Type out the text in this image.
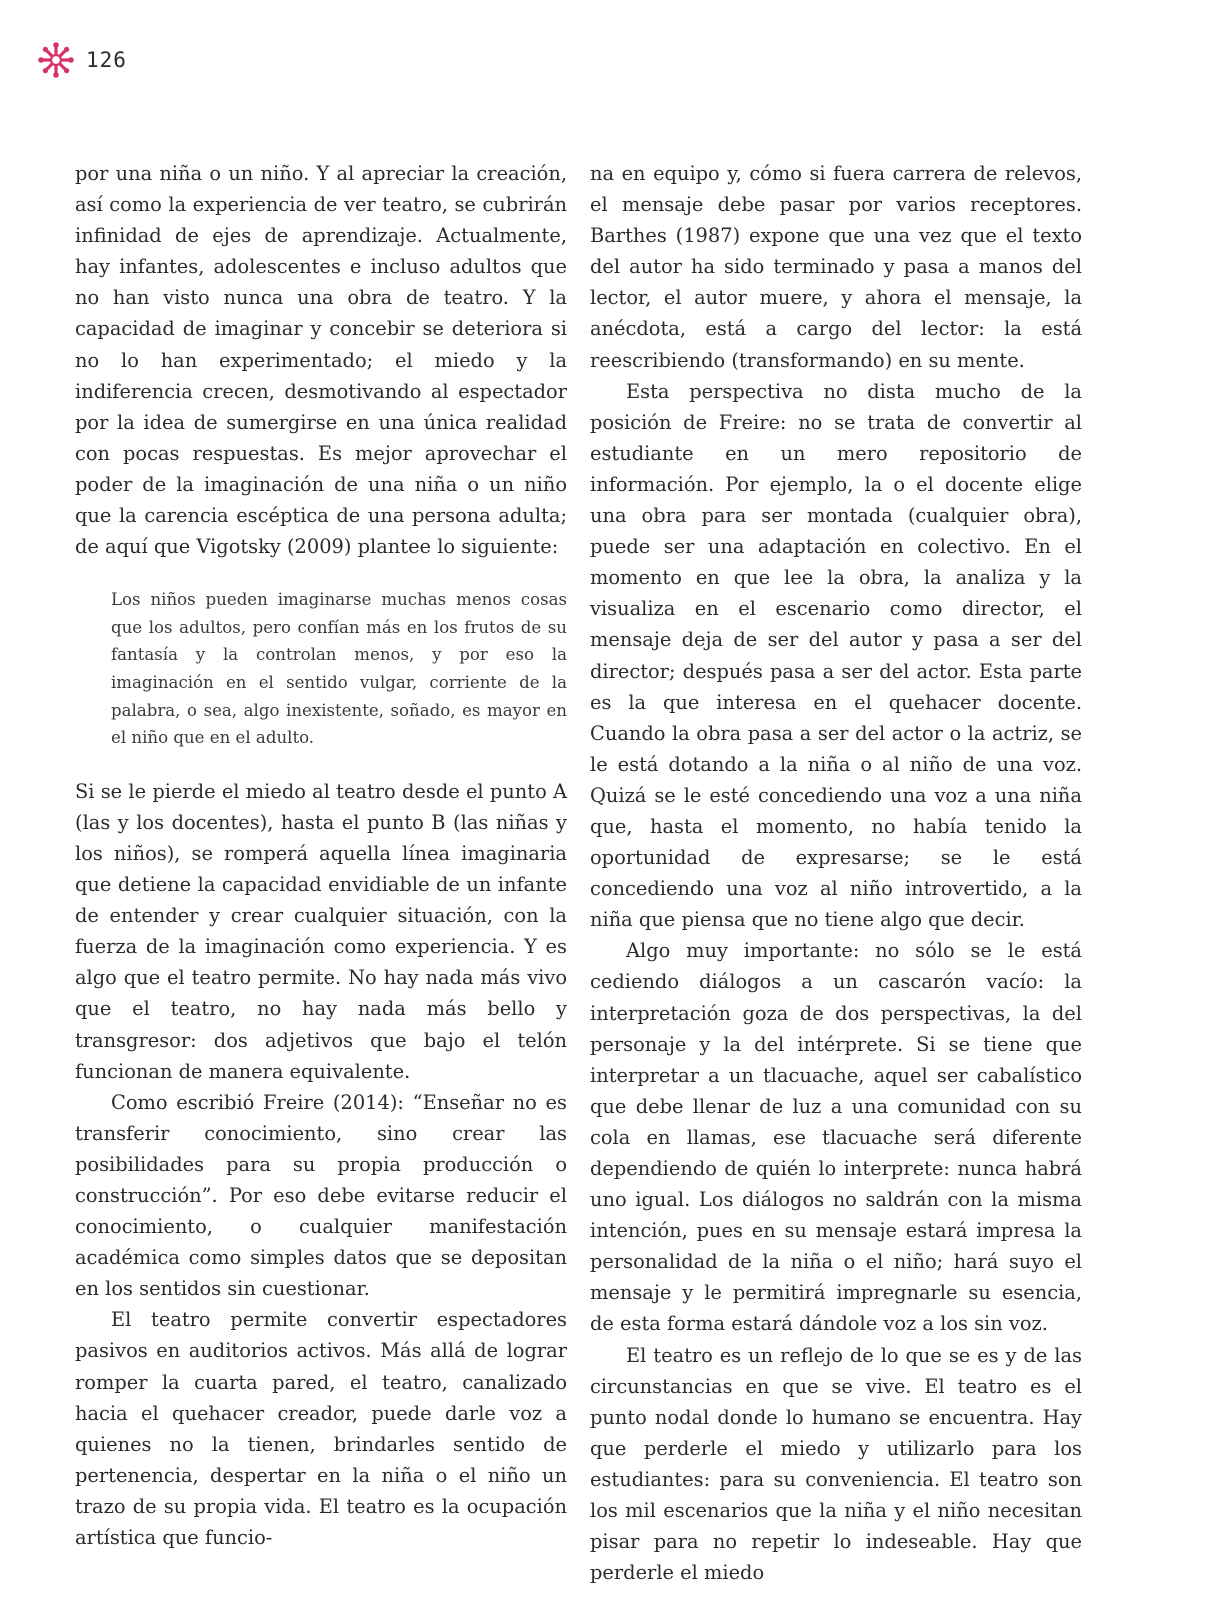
126

por una niña o un niño. Y al apreciar la creación, así como la experiencia de ver teatro, se cubrirán infinidad de ejes de aprendizaje. Actualmente, hay infantes, adolescentes e incluso adultos que no han visto nunca una obra de teatro. Y la capacidad de imaginar y concebir se deteriora si no lo han experimentado; el miedo y la indiferencia crecen, desmotivando al espectador por la idea de sumergirse en una única realidad con pocas respuestas. Es mejor aprovechar el poder de la imaginación de una niña o un niño que la carencia escéptica de una persona adulta; de aquí que Vigotsky (2009) plantee lo siguiente:

Los niños pueden imaginarse muchas menos cosas que los adultos, pero confían más en los frutos de su fantasía y la controlan menos, y por eso la imaginación en el sentido vulgar, corriente de la palabra, o sea, algo inexistente, soñado, es mayor en el niño que en el adulto.

Si se le pierde el miedo al teatro desde el punto A (las y los docentes), hasta el punto B (las niñas y los niños), se romperá aquella línea imaginaria que detiene la capacidad envidiable de un infante de entender y crear cualquier situación, con la fuerza de la imaginación como experiencia. Y es algo que el teatro permite. No hay nada más vivo que el teatro, no hay nada más bello y transgresor: dos adjetivos que bajo el telón funcionan de manera equivalente.

Como escribió Freire (2014): “Enseñar no es transferir conocimiento, sino crear las posibilidades para su propia producción o construcción”. Por eso debe evitarse reducir el conocimiento, o cualquier manifestación académica como simples datos que se depositan en los sentidos sin cuestionar.

El teatro permite convertir espectadores pasivos en auditorios activos. Más allá de lograr romper la cuarta pared, el teatro, canalizado hacia el quehacer creador, puede darle voz a quienes no la tienen, brindarles sentido de pertenencia, despertar en la niña o el niño un trazo de su propia vida. El teatro es la ocupación artística que funcio-

na en equipo y, cómo si fuera carrera de relevos, el mensaje debe pasar por varios receptores. Barthes (1987) expone que una vez que el texto del autor ha sido terminado y pasa a manos del lector, el autor muere, y ahora el mensaje, la anécdota, está a cargo del lector: la está reescribiendo (transformando) en su mente.

Esta perspectiva no dista mucho de la posición de Freire: no se trata de convertir al estudiante en un mero repositorio de información. Por ejemplo, la o el docente elige una obra para ser montada (cualquier obra), puede ser una adaptación en colectivo. En el momento en que lee la obra, la analiza y la visualiza en el escenario como director, el mensaje deja de ser del autor y pasa a ser del director; después pasa a ser del actor. Esta parte es la que interesa en el quehacer docente. Cuando la obra pasa a ser del actor o la actriz, se le está dotando a la niña o al niño de una voz. Quizá se le esté concediendo una voz a una niña que, hasta el momento, no había tenido la oportunidad de expresarse; se le está concediendo una voz al niño introvertido, a la niña que piensa que no tiene algo que decir.

Algo muy importante: no sólo se le está cediendo diálogos a un cascarón vacío: la interpretación goza de dos perspectivas, la del personaje y la del intérprete. Si se tiene que interpretar a un tlacuache, aquel ser cabalístico que debe llenar de luz a una comunidad con su cola en llamas, ese tlacuache será diferente dependiendo de quién lo interprete: nunca habrá uno igual. Los diálogos no saldrán con la misma intención, pues en su mensaje estará impresa la personalidad de la niña o el niño; hará suyo el mensaje y le permitirá impregnarle su esencia, de esta forma estará dándole voz a los sin voz.

El teatro es un reflejo de lo que se es y de las circunstancias en que se vive. El teatro es el punto nodal donde lo humano se encuentra. Hay que perderle el miedo y utilizarlo para los estudiantes: para su conveniencia. El teatro son los mil escenarios que la niña y el niño necesitan pisar para no repetir lo indeseable. Hay que perderle el miedo
